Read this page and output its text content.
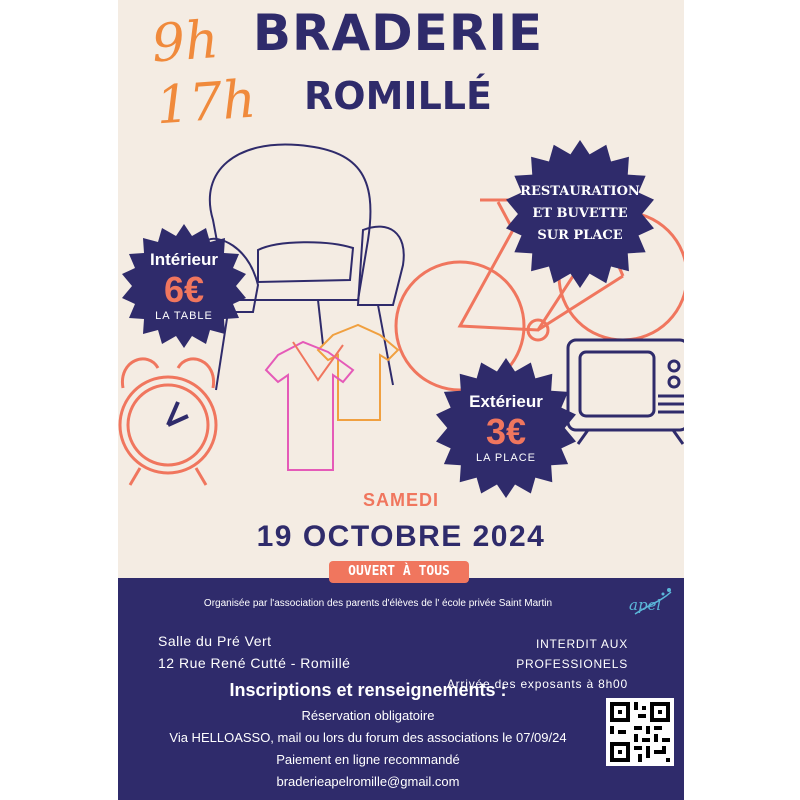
9h
17h
BRADERIE
ROMILLÉ
Intérieur
6€
LA TABLE
RESTAURATION
ET BUVETTE
SUR PLACE
Extérieur
3€
LA PLACE
SAMEDI
19 OCTOBRE 2024
OUVERT À TOUS
Organisée par l'association des parents d'élèves de l' école privée Saint Martin	apel
Salle du Pré Vert
12 Rue René Cutté - Romillé
INTERDIT AUX PROFESSIONELS
Arrivée des exposants à 8h00
Inscriptions et renseignements :
Réservation obligatoire
Via HELLOASSO, mail ou lors du forum des associations le 07/09/24
Paiement en ligne recommandé
braderieapelromille@gmail.com
